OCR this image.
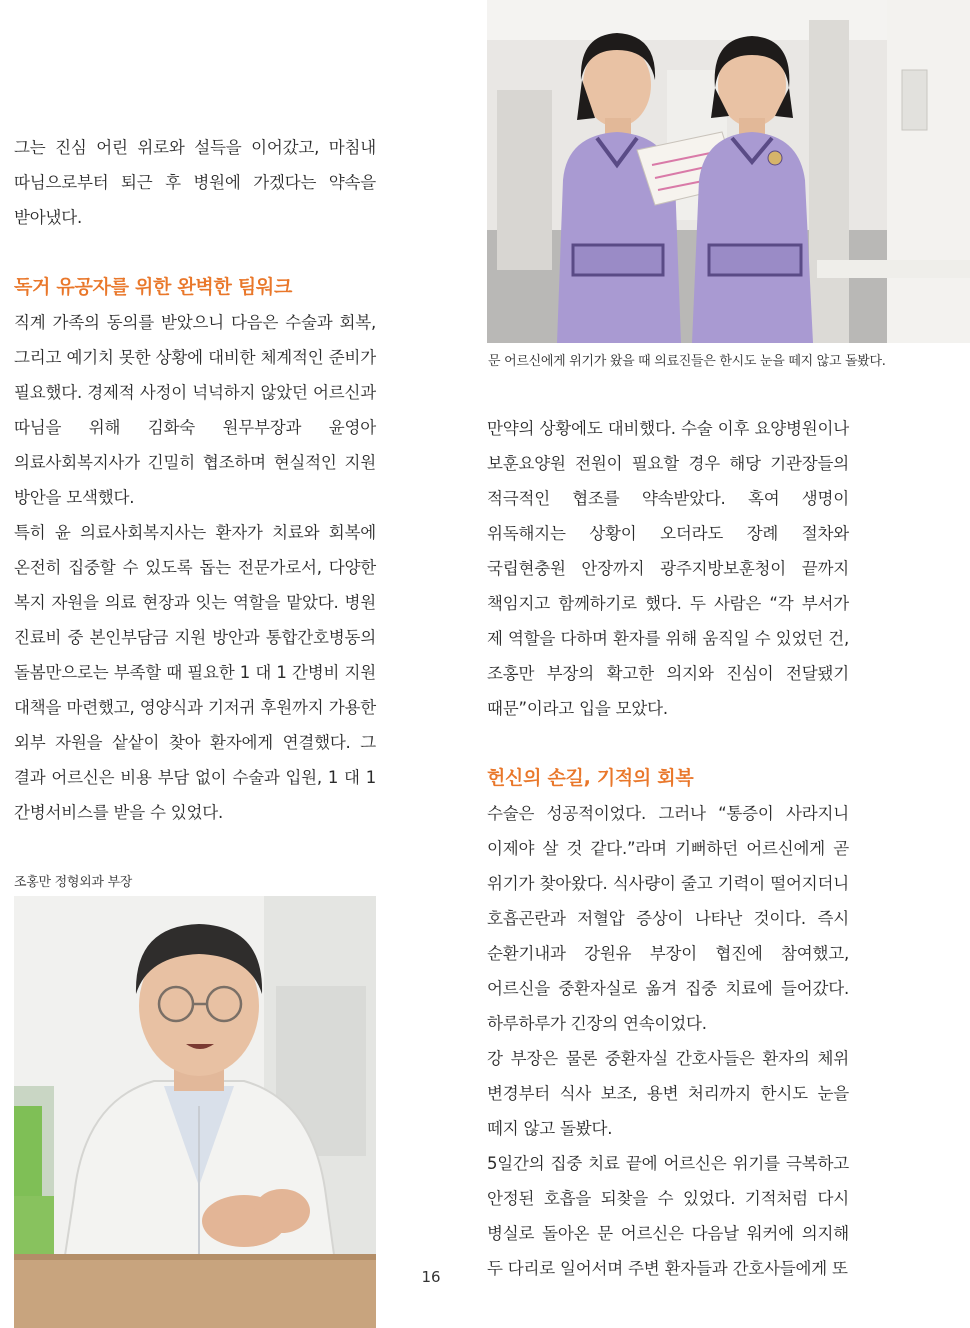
그는 진심 어린 위로와 설득을 이어갔고, 마침내 따님으로부터 퇴근 후 병원에 가겠다는 약속을 받아냈다.

독거 유공자를 위한 완벽한 팀워크

직계 가족의 동의를 받았으니 다음은 수술과 회복, 그리고 예기치 못한 상황에 대비한 체계적인 준비가 필요했다. 경제적 사정이 넉넉하지 않았던 어르신과 따님을 위해 김화숙 원무부장과 윤영아 의료사회복지사가 긴밀히 협조하며 현실적인 지원 방안을 모색했다.

특히 윤 의료사회복지사는 환자가 치료와 회복에 온전히 집중할 수 있도록 돕는 전문가로서, 다양한 복지 자원을 의료 현장과 잇는 역할을 맡았다. 병원 진료비 중 본인부담금 지원 방안과 통합간호병동의 돌봄만으로는 부족할 때 필요한 1 대 1 간병비 지원 대책을 마련했고, 영양식과 기저귀 후원까지 가용한 외부 자원을 샅샅이 찾아 환자에게 연결했다. 그 결과 어르신은 비용 부담 없이 수술과 입원, 1 대 1 간병서비스를 받을 수 있었다.

조홍만 정형외과 부장

문 어르신에게 위기가 왔을 때 의료진들은 한시도 눈을 떼지 않고 돌봤다.

만약의 상황에도 대비했다. 수술 이후 요양병원이나 보훈요양원 전원이 필요할 경우 해당 기관장들의 적극적인 협조를 약속받았다. 혹여 생명이 위독해지는 상황이 오더라도 장례 절차와 국립현충원 안장까지 광주지방보훈청이 끝까지 책임지고 함께하기로 했다. 두 사람은 “각 부서가 제 역할을 다하며 환자를 위해 움직일 수 있었던 건, 조홍만 부장의 확고한 의지와 진심이 전달됐기 때문”이라고 입을 모았다.

헌신의 손길, 기적의 회복

수술은 성공적이었다. 그러나 “통증이 사라지니 이제야 살 것 같다.”라며 기뻐하던 어르신에게 곧 위기가 찾아왔다. 식사량이 줄고 기력이 떨어지더니 호흡곤란과 저혈압 증상이 나타난 것이다. 즉시 순환기내과 강원유 부장이 협진에 참여했고, 어르신을 중환자실로 옮겨 집중 치료에 들어갔다. 하루하루가 긴장의 연속이었다.

강 부장은 물론 중환자실 간호사들은 환자의 체위 변경부터 식사 보조, 용변 처리까지 한시도 눈을 떼지 않고 돌봤다.

5일간의 집중 치료 끝에 어르신은 위기를 극복하고 안정된 호흡을 되찾을 수 있었다. 기적처럼 다시 병실로 돌아온 문 어르신은 다음날 워커에 의지해 두 다리로 일어서며 주변 환자들과 간호사들에게 또

16
